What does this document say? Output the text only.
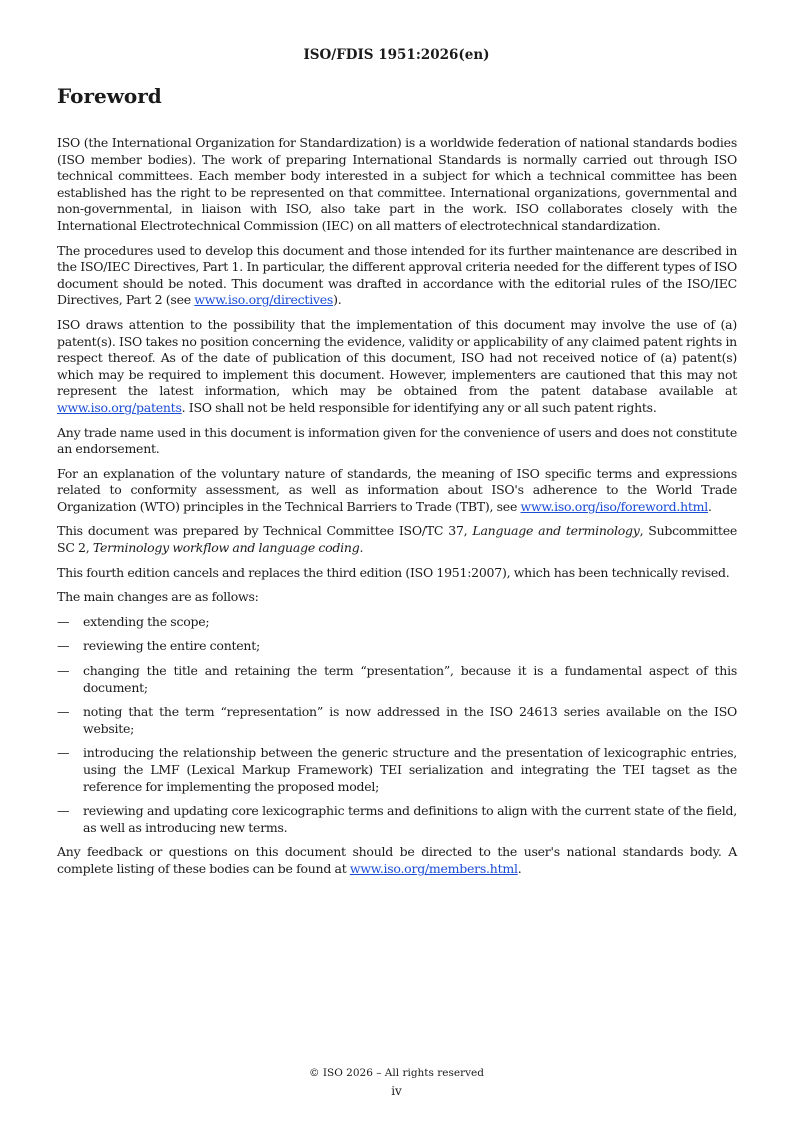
ISO/FDIS 1951:2026(en)
Foreword

ISO (the International Organization for Standardization) is a worldwide federation of national standards bodies (ISO member bodies). The work of preparing International Standards is normally carried out through ISO technical committees. Each member body interested in a subject for which a technical committee has been established has the right to be represented on that committee. International organizations, governmental and non-governmental, in liaison with ISO, also take part in the work. ISO collaborates closely with the International Electrotechnical Commission (IEC) on all matters of electrotechnical standardization.

The procedures used to develop this document and those intended for its further maintenance are described in the ISO/IEC Directives, Part 1. In particular, the different approval criteria needed for the different types of ISO document should be noted. This document was drafted in accordance with the editorial rules of the ISO/IEC Directives, Part 2 (see www.iso.org/directives).

ISO draws attention to the possibility that the implementation of this document may involve the use of (a) patent(s). ISO takes no position concerning the evidence, validity or applicability of any claimed patent rights in respect thereof. As of the date of publication of this document, ISO had not received notice of (a) patent(s) which may be required to implement this document. However, implementers are cautioned that this may not represent the latest information, which may be obtained from the patent database available at www.iso.org/patents. ISO shall not be held responsible for identifying any or all such patent rights.

Any trade name used in this document is information given for the convenience of users and does not constitute an endorsement.

For an explanation of the voluntary nature of standards, the meaning of ISO specific terms and expressions related to conformity assessment, as well as information about ISO's adherence to the World Trade Organization (WTO) principles in the Technical Barriers to Trade (TBT), see www.iso.org/iso/foreword.html.

This document was prepared by Technical Committee ISO/TC 37, Language and terminology, Subcommittee SC 2, Terminology workflow and language coding.

This fourth edition cancels and replaces the third edition (ISO 1951:2007), which has been technically revised.

The main changes are as follows:

—	extending the scope;
—	reviewing the entire content;
—	changing the title and retaining the term “presentation”, because it is a fundamental aspect of this document;
—	noting that the term “representation” is now addressed in the ISO 24613 series available on the ISO website;
—	introducing the relationship between the generic structure and the presentation of lexicographic entries, using the LMF (Lexical Markup Framework) TEI serialization and integrating the TEI tagset as the reference for implementing the proposed model;
—	reviewing and updating core lexicographic terms and definitions to align with the current state of the field, as well as introducing new terms.

Any feedback or questions on this document should be directed to the user's national standards body. A complete listing of these bodies can be found at www.iso.org/members.html.

© ISO 2026 – All rights reserved
iv
